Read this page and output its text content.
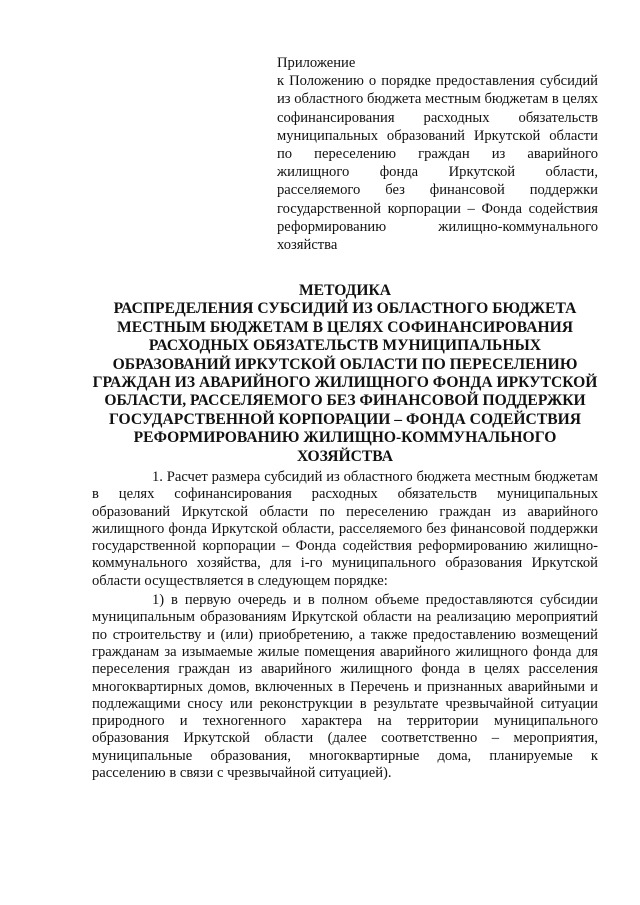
Приложение
к Положению о порядке предоставления субсидий из областного бюджета местным бюджетам в целях софинансирования расходных обязательств муниципальных образований Иркутской области по переселению граждан из аварийного жилищного фонда Иркутской области, расселяемого без финансовой поддержки государственной корпорации – Фонда содействия реформированию жилищно-коммунального хозяйства
МЕТОДИКА
РАСПРЕДЕЛЕНИЯ СУБСИДИЙ ИЗ ОБЛАСТНОГО БЮДЖЕТА
МЕСТНЫМ БЮДЖЕТАМ В ЦЕЛЯХ СОФИНАНСИРОВАНИЯ
РАСХОДНЫХ ОБЯЗАТЕЛЬСТВ МУНИЦИПАЛЬНЫХ
ОБРАЗОВАНИЙ ИРКУТСКОЙ ОБЛАСТИ ПО ПЕРЕСЕЛЕНИЮ
ГРАЖДАН ИЗ АВАРИЙНОГО ЖИЛИЩНОГО ФОНДА ИРКУТСКОЙ
ОБЛАСТИ, РАССЕЛЯЕМОГО БЕЗ ФИНАНСОВОЙ ПОДДЕРЖКИ
ГОСУДАРСТВЕННОЙ КОРПОРАЦИИ – ФОНДА СОДЕЙСТВИЯ
РЕФОРМИРОВАНИЮ ЖИЛИЩНО-КОММУНАЛЬНОГО
ХОЗЯЙСТВА

1. Расчет размера субсидий из областного бюджета местным бюджетам в целях софинансирования расходных обязательств муниципальных образований Иркутской области по переселению граждан из аварийного жилищного фонда Иркутской области, расселяемого без финансовой поддержки государственной корпорации – Фонда содействия реформированию жилищно-коммунального хозяйства, для i-го муниципального образования Иркутской области осуществляется в следующем порядке:

1) в первую очередь и в полном объеме предоставляются субсидии муниципальным образованиям Иркутской области на реализацию мероприятий по строительству и (или) приобретению, а также предоставлению возмещений гражданам за изымаемые жилые помещения аварийного жилищного фонда для переселения граждан из аварийного жилищного фонда в целях расселения многоквартирных домов, включенных в Перечень и признанных аварийными и подлежащими сносу или реконструкции в результате чрезвычайной ситуации природного и техногенного характера на территории муниципального образования Иркутской области (далее соответственно – мероприятия, муниципальные образования, многоквартирные дома, планируемые к расселению в связи с чрезвычайной ситуацией).
